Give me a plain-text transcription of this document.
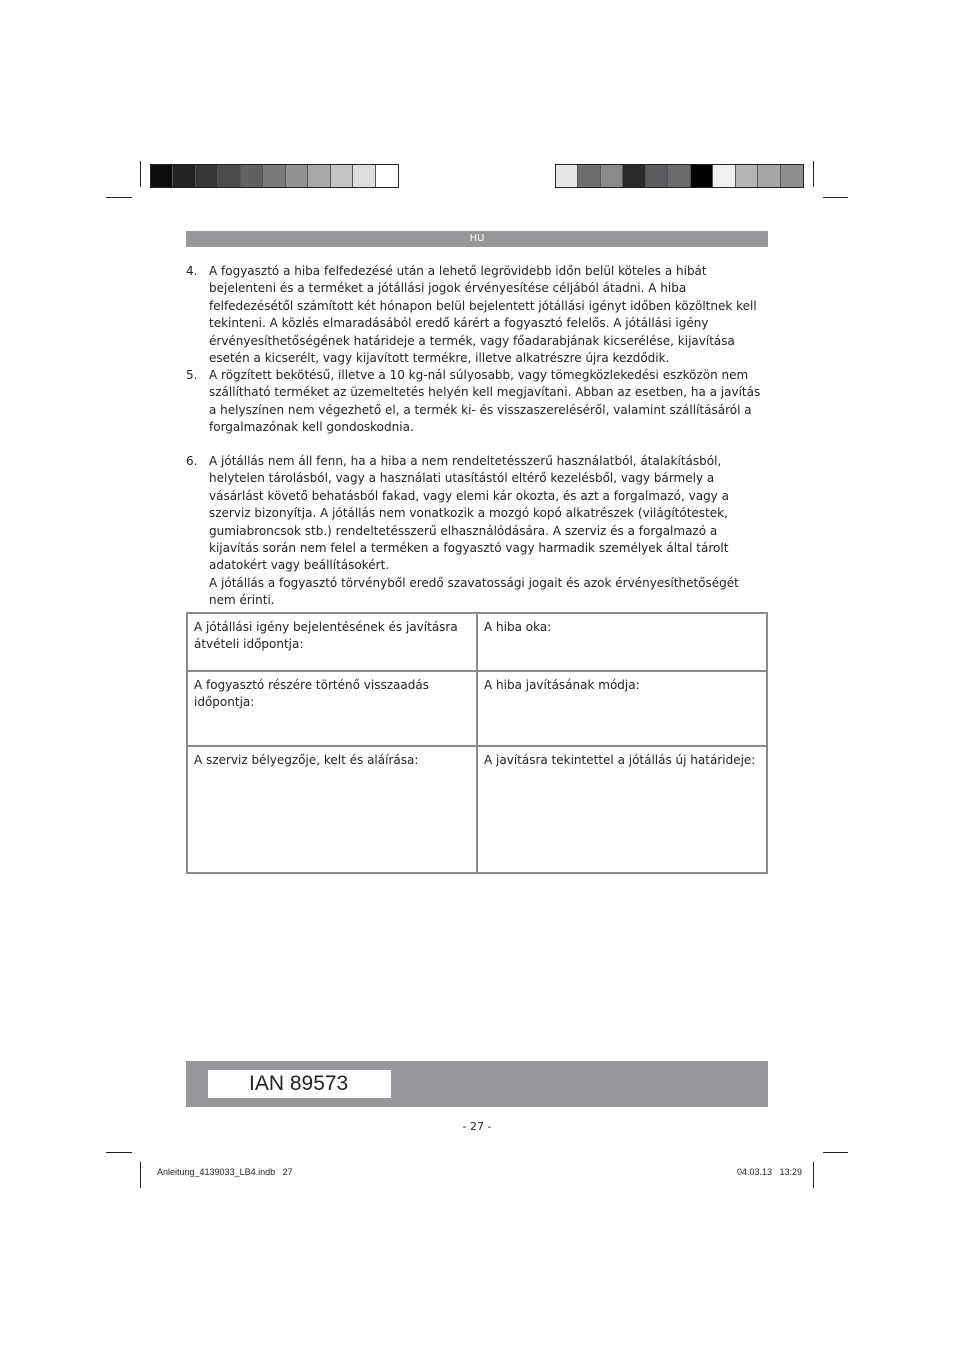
HU
4. A fogyasztó a hiba felfedezésé után a lehető legrövidebb időn belül köteles a hibát bejelenteni és a terméket a jótállási jogok érvényesítése céljából átadni. A hiba felfedezésétől számított két hónapon belül bejelentett jótállási igényt időben közöltnek kell tekinteni. A közlés elmaradásából eredő kárért a fogyasztó felelős. A jótállási igény érvényesíthetőségének határideje a termék, vagy főadarabjának kicserélése, kijavítása esetén a kicserélt, vagy kijavított termékre, illetve alkatrészre újra kezdődik.
5. A rögzített bekötésű, illetve a 10 kg-nál súlyosabb, vagy tömegközlekedési eszközön nem szállítható terméket az üzemeltetés helyén kell megjavítani. Abban az esetben, ha a javítás a helyszínen nem végezhető el, a termék ki- és visszaszereléséről, valamint szállításáról a forgalmazónak kell gondoskodnia.
6. A jótállás nem áll fenn, ha a hiba a nem rendeltetésszerű használatból, átalakításból, helytelen tárolásból, vagy a használati utasítástól eltérő kezelésből, vagy bármely a vásárlást követő behatásból fakad, vagy elemi kár okozta, és azt a forgalmazó, vagy a szerviz bizonyítja. A jótállás nem vonatkozik a mozgó kopó alkatrészek (világítótestek, gumiabroncsok stb.) rendeltetésszerű elhasználódására. A szerviz és a forgalmazó a kijavítás során nem felel a terméken a fogyasztó vagy harmadik személyek által tárolt adatokért vagy beállításokért.
A jótállás a fogyasztó törvényből eredő szavatossági jogait és azok érvényesíthetőségét nem érinti.
A jótállási igény bejelentésének és javításra átvételi időpontja:	A hiba oka:
A fogyasztó részére történő visszaadás időpontja:	A hiba javításának módja:
A szerviz bélyegzője, kelt és aláírása:	A javításra tekintettel a jótállás új határideje:
IAN 89573
- 27 -
Anleitung_4139033_LB4.indb   27	04.03.13   13:29
